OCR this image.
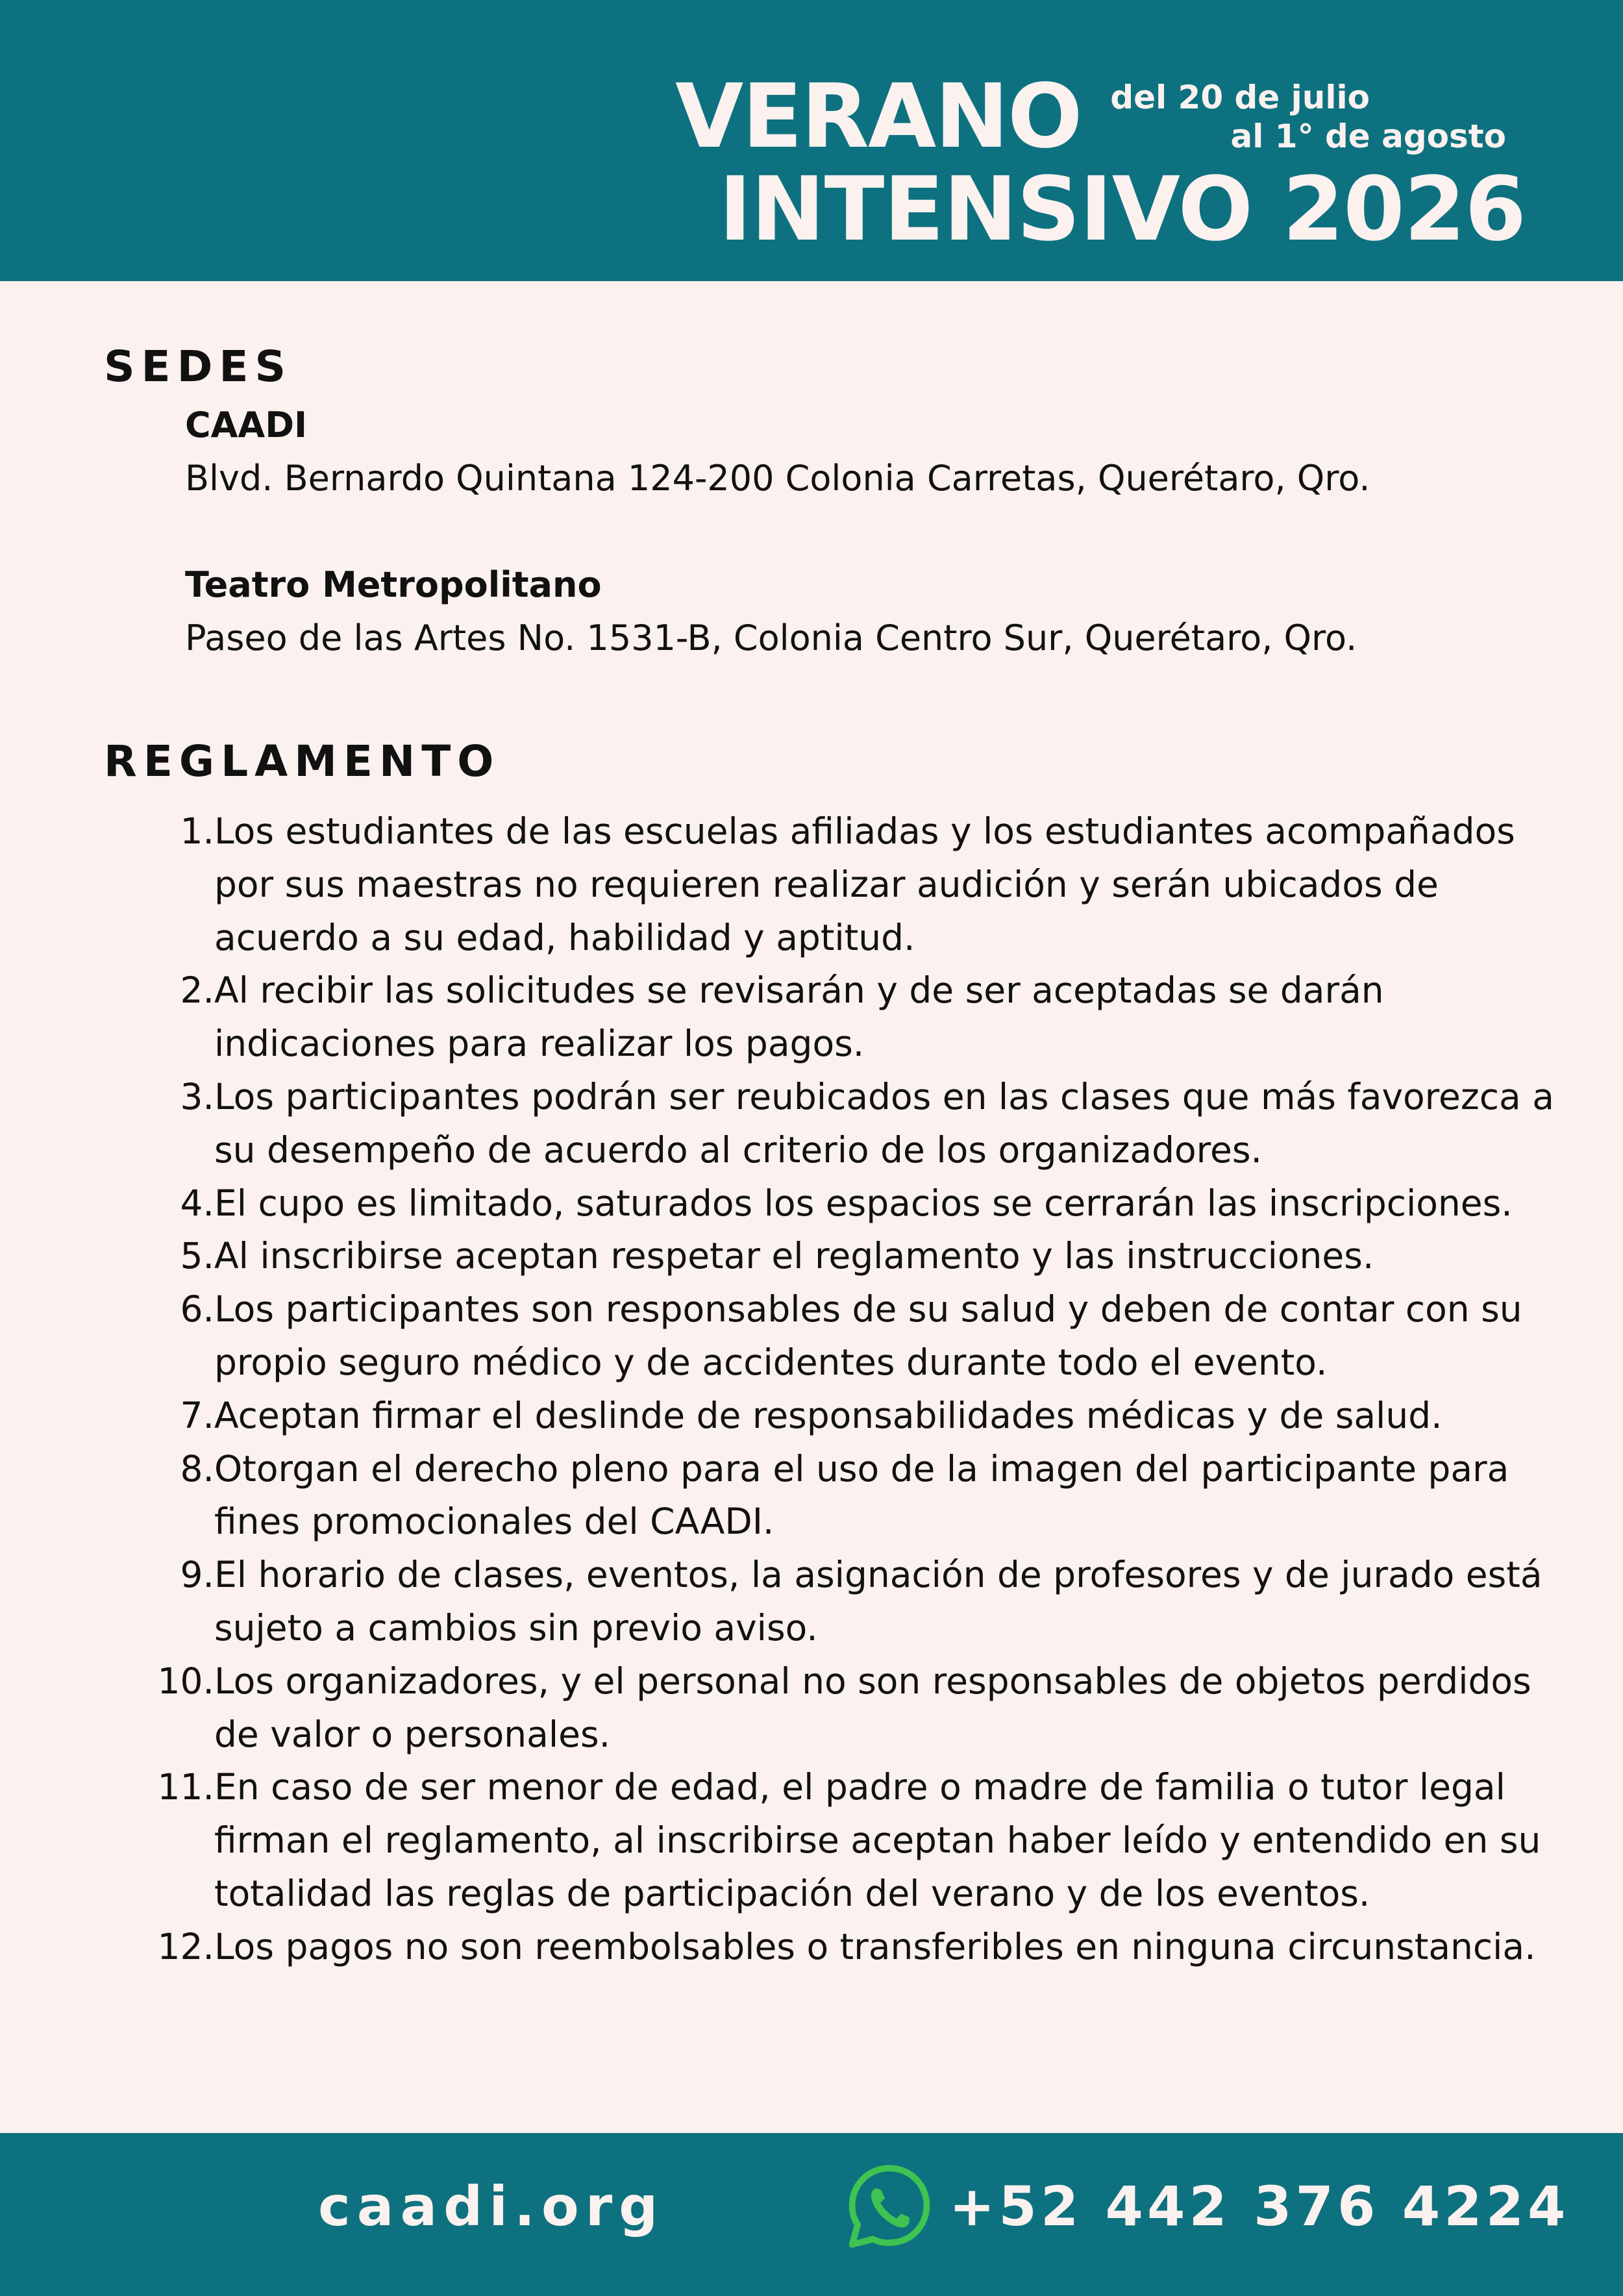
VERANO del 20 de julio
al 1° de agosto
INTENSIVO 2026
SEDES
CAADI
Blvd. Bernardo Quintana 124-200 Colonia Carretas, Querétaro, Qro.
Teatro Metropolitano
Paseo de las Artes No. 1531-B, Colonia Centro Sur, Querétaro, Qro.
REGLAMENTO
1. Los estudiantes de las escuelas afiliadas y los estudiantes acompañados por sus maestras no requieren realizar audición y serán ubicados de acuerdo a su edad, habilidad y aptitud.
2. Al recibir las solicitudes se revisarán y de ser aceptadas se darán indicaciones para realizar los pagos.
3. Los participantes podrán ser reubicados en las clases que más favorezca a su desempeño de acuerdo al criterio de los organizadores.
4. El cupo es limitado, saturados los espacios se cerrarán las inscripciones.
5. Al inscribirse aceptan respetar el reglamento y las instrucciones.
6. Los participantes son responsables de su salud y deben de contar con su propio seguro médico y de accidentes durante todo el evento.
7. Aceptan firmar el deslinde de responsabilidades médicas y de salud.
8. Otorgan el derecho pleno para el uso de la imagen del participante para fines promocionales del CAADI.
9. El horario de clases, eventos, la asignación de profesores y de jurado está sujeto a cambios sin previo aviso.
10. Los organizadores, y el personal no son responsables de objetos perdidos de valor o personales.
11. En caso de ser menor de edad, el padre o madre de familia o tutor legal firman el reglamento, al inscribirse aceptan haber leído y entendido en su totalidad las reglas de participación del verano y de los eventos.
12. Los pagos no son reembolsables o transferibles en ninguna circunstancia.
caadi.org	+52 442 376 4224
